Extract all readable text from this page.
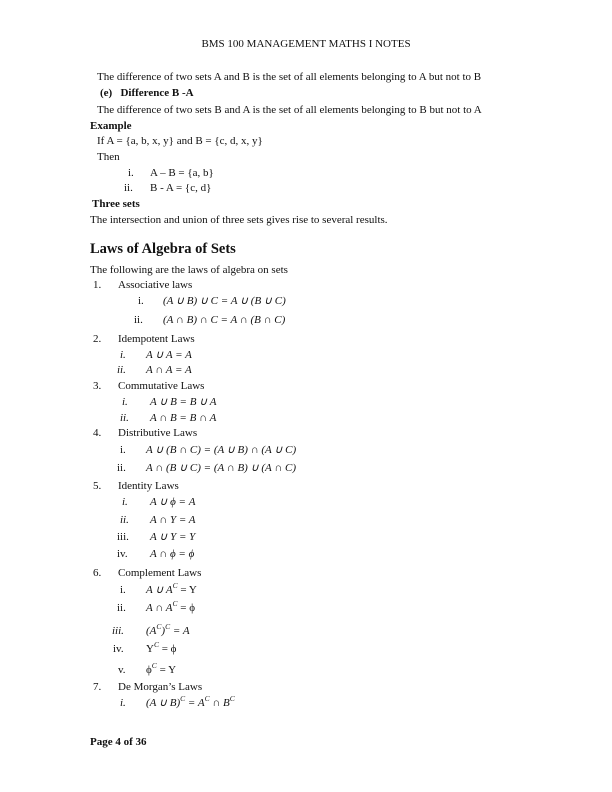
BMS 100 MANAGEMENT MATHS I NOTES
The difference of two sets A and B is the set of all elements belonging to A but not to B
(e)   Difference B -A
The difference of two sets B and A is the set of all elements belonging to B but not to A
Example
If A = {a, b, x, y} and B = {c, d, x, y}
Then
i. A – B = {a, b}
ii. B - A = {c, d}
Three sets
The intersection and union of three sets gives rise to several results.
Laws of Algebra of Sets
The following are the laws of algebra on sets
1. Associative laws
i. (A ∪ B) ∪ C = A ∪ (B ∪ C)
ii. (A ∩ B) ∩ C = A ∩ (B ∩ C)
2. Idempotent Laws
i. A ∪ A = A
ii. A ∩ A = A
3. Commutative Laws
i. A ∪ B = B ∪ A
ii. A ∩ B = B ∩ A
4. Distributive Laws
i. A ∪ (B ∩ C) = (A ∪ B) ∩ (A ∪ C)
ii. A ∩ (B ∪ C) = (A ∩ B) ∪ (A ∩ C)
5. Identity Laws
i. A ∪ ϕ = A
ii. A ∩ Y = A
iii. A ∪ Y = Y
iv. A ∩ ϕ = ϕ
6. Complement Laws
i. A ∪ $A^C = Y$
ii. A ∩ $A^C = \phi$
iii. $(A^C)^C = A$
iv. $Y^C = \phi$
v. $\phi^C = Y$
7. De Morgan’s Laws
i. (A ∪ $B)^C = A^C$ ∩ $B^C$
Page 4 of 36
